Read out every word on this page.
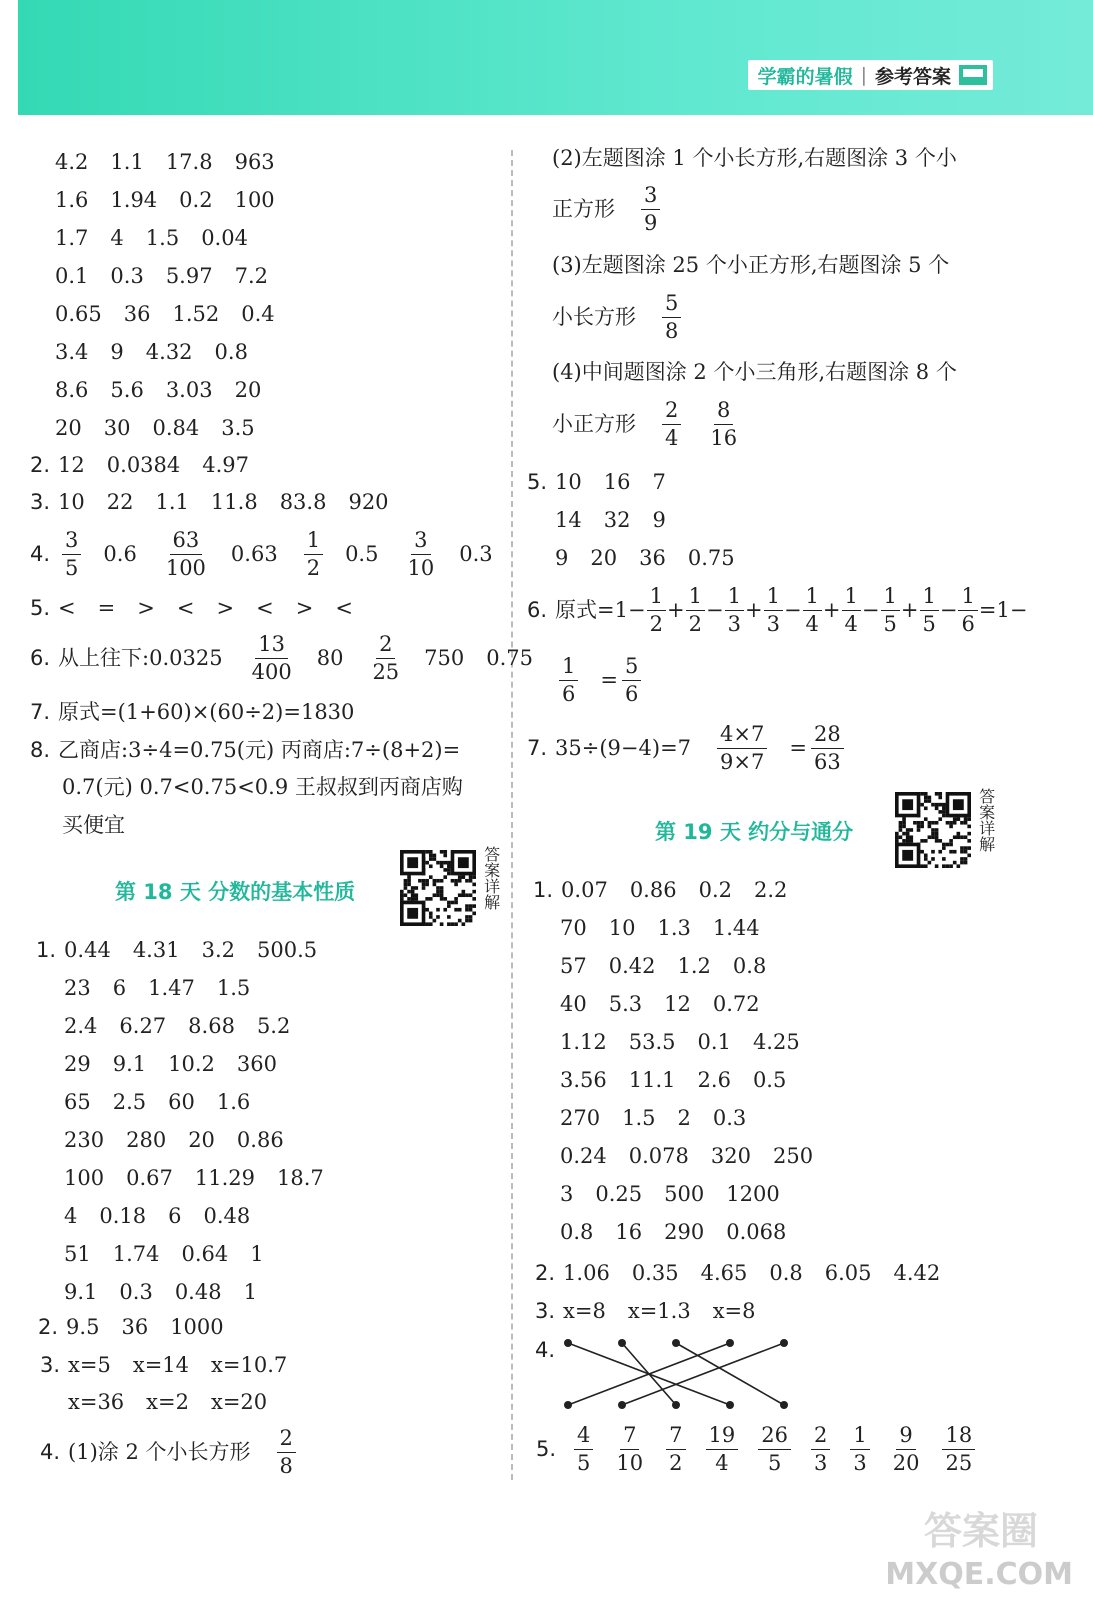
学霸的暑假 | 参考答案
答案圈
MXQE.COM
4.2 1.1 17.8 963
1.6 1.94 0.2 100
1.7 4 1.5 0.04
0.1 0.3 5.97 7.2
0.65 36 1.52 0.4
3.4 9 4.32 0.8
8.6 5.6 3.03 20
20 30 0.84 3.5
2. 12 0.0384 4.97
3. 10 22 1.1 11.8 83.8 920
4. $\frac{3}{5} 0.6 \frac{63}{100} 0.63 \frac{1}{2} 0.5 \frac{3}{10} 0.3$
5. < = > < > < > <
6. 从上往下:0.0325 $\frac{13}{400} 80 \frac{2}{25} 750$ 0.75
7. 原式=(1+60)×(60÷2)=1830
8. 乙商店:3÷4=0.75(元) 丙商店:7÷(8+2)=
0.7(元) 0.7<0.75<0.9 王叔叔到丙商店购
买便宜
第 18 天 分数的基本性质	答案详解
1. 0.44 4.31 3.2 500.5
23 6 1.47 1.5
2.4 6.27 8.68 5.2
29 9.1 10.2 360
65 2.5 60 1.6
230 280 20 0.86
100 0.67 11.29 18.7
4 0.18 6 0.48
51 1.74 0.64 1
9.1 0.3 0.48 1
2. 9.5 36 1000
3. x=5 x=14 x=10.7
x=36 x=2 x=20
4. (1)涂 2 个小长方形 $\frac{2}{8}$
(2)左题图涂 1 个小长方形,右题图涂 3 个小
正方形 $\frac{3}{9}$
(3)左题图涂 25 个小正方形,右题图涂 5 个
小长方形 $\frac{5}{8}$
(4)中间题图涂 2 个小三角形,右题图涂 8 个
小正方形 $\frac{2}{4} \frac{8}{16}$
5. 10 16 7
14 32 9
9 20 36 0.75
6. 原式$=1- \frac{1}{2} + \frac{1}{2} - \frac{1}{3} + \frac{1}{3} - \frac{1}{4} + \frac{1}{4} - \frac{1}{5} + \frac{1}{5} - \frac{1}{6} =1-$
$\frac{1}{6} = \frac{5}{6}$
7. $35\div(9-4)=7 \frac{4\times 7}{9\times 7} = \frac{28}{63}$
第 19 天 约分与通分	答案详解
1. 0.07 0.86 0.2 2.2
70 10 1.3 1.44
57 0.42 1.2 0.8
40 5.3 12 0.72
1.12 53.5 0.1 4.25
3.56 11.1 2.6 0.5
270 1.5 2 0.3
0.24 0.078 320 250
3 0.25 500 1200
0.8 16 290 0.068
2. 1.06 0.35 4.65 0.8 6.05 4.42
3. x=8 x=1.3 x=8
4.
5. $\frac{4}{5} \frac{7}{10} \frac{7}{2} \frac{19}{4} \frac{26}{5} \frac{2}{3} \frac{1}{3} \frac{9}{20} \frac{18}{25}$
